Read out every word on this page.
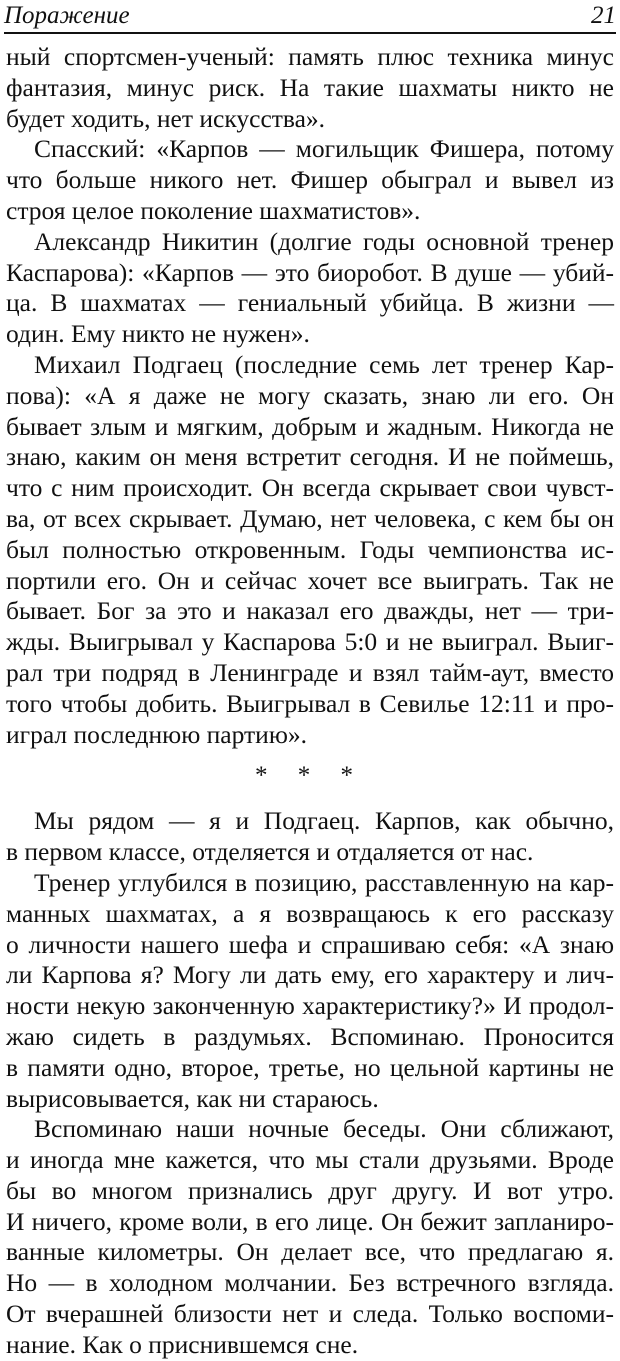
Поражение	21
ный спортсмен-ученый: память плюс техника минус
фантазия, минус риск. На такие шахматы никто не
будет ходить, нет искусства».
Спасский: «Карпов — могильщик Фишера, потому
что больше никого нет. Фишер обыграл и вывел из
строя целое поколение шахматистов».
Александр Никитин (долгие годы основной тренер
Каспарова): «Карпов — это биоробот. В душе — убий-
ца. В шахматах — гениальный убийца. В жизни —
один. Ему никто не нужен».
Михаил Подгаец (последние семь лет тренер Кар-
пова): «А я даже не могу сказать, знаю ли его. Он
бывает злым и мягким, добрым и жадным. Никогда не
знаю, каким он меня встретит сегодня. И не поймешь,
что с ним происходит. Он всегда скрывает свои чувст-
ва, от всех скрывает. Думаю, нет человека, с кем бы он
был полностью откровенным. Годы чемпионства ис-
портили его. Он и сейчас хочет все выиграть. Так не
бывает. Бог за это и наказал его дважды, нет — три-
жды. Выигрывал у Каспарова 5:0 и не выиграл. Выиг-
рал три подряд в Ленинграде и взял тайм-аут, вместо
того чтобы добить. Выигрывал в Севилье 12:11 и про-
играл последнюю партию».
* * *
Мы рядом — я и Подгаец. Карпов, как обычно,
в первом классе, отделяется и отдаляется от нас.
Тренер углубился в позицию, расставленную на кар-
манных шахматах, а я возвращаюсь к его рассказу
о личности нашего шефа и спрашиваю себя: «А знаю
ли Карпова я? Могу ли дать ему, его характеру и лич-
ности некую законченную характеристику?» И продол-
жаю сидеть в раздумьях. Вспоминаю. Проносится
в памяти одно, второе, третье, но цельной картины не
вырисовывается, как ни стараюсь.
Вспоминаю наши ночные беседы. Они сближают,
и иногда мне кажется, что мы стали друзьями. Вроде
бы во многом признались друг другу. И вот утро.
И ничего, кроме воли, в его лице. Он бежит запланиро-
ванные километры. Он делает все, что предлагаю я.
Но — в холодном молчании. Без встречного взгляда.
От вчерашней близости нет и следа. Только воспоми-
нание. Как о приснившемся сне.
